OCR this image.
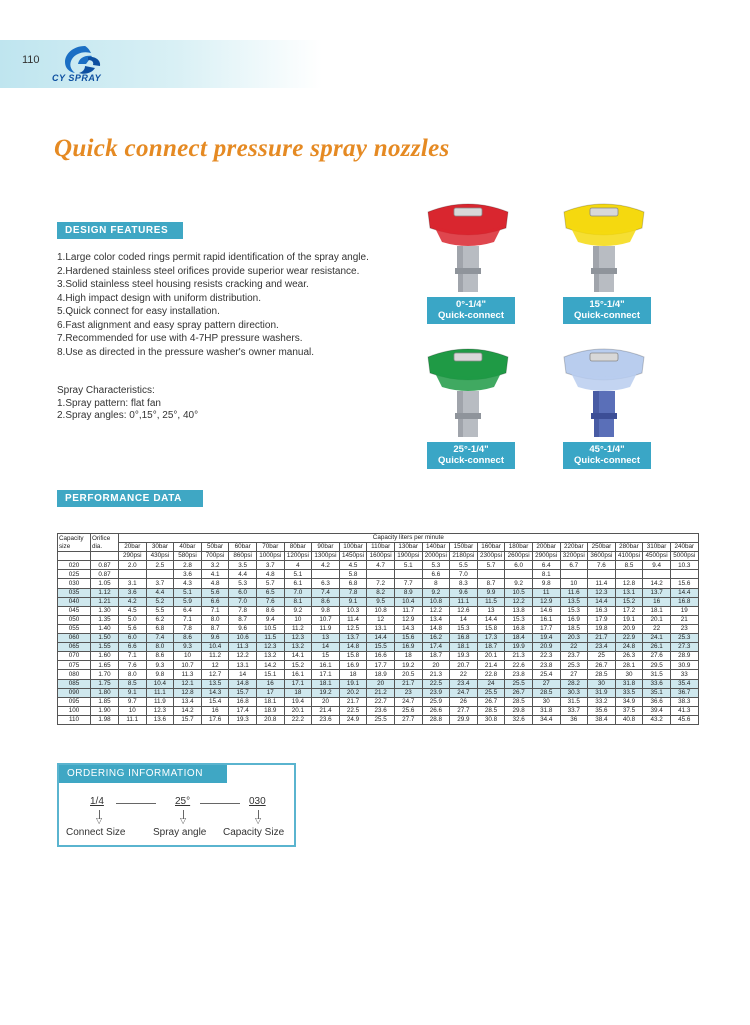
110
CY SPRAY
Quick connect pressure spray nozzles
DESIGN FEATURES
1.Large color coded rings permit rapid identification of the spray angle.
2.Hardened stainless steel orifices provide superior wear resistance.
3.Solid stainless steel housing resists cracking and wear.
4.High impact design with uniform distribution.
5.Quick connect for easy installation.
6.Fast alignment and easy spray pattern direction.
7.Recommended for use with 4-7HP pressure washers.
8.Use as directed in the pressure washer's owner manual.
Spray Characteristics:
1.Spray pattern: flat fan
2.Spray angles: 0°,15°, 25°, 40°
0°-1/4"
Quick-connect
15°-1/4"
Quick-connect
25°-1/4"
Quick-connect
45°-1/4"
Quick-connect
PERFORMANCE DATA
Capacity size	Orifice dia.	Capacity liters per minute																				
		20bar	30bar	40bar	50bar	60bar	70bar	80bar	90bar	100bar	110bar	130bar	140bar	150bar	160bar	180bar	200bar	220bar	250bar	280bar	310bar	240bar
		290psi	430psi	580psi	700psi	860psi	1000psi	1200psi	1300psi	1450psi	1600psi	1900psi	2000psi	2180psi	2300psi	2600psi	2900psi	3200psi	3600psi	4100psi	4500psi	5000psi
020	0.87	2.0	2.5	2.8	3.2	3.5	3.7	4	4.2	4.5	4.7	5.1	5.3	5.5	5.7	6.0	6.4	6.7	7.6	8.5	9.4	10.3
025	0.87			3.6	4.1	4.4	4.8	5.1		5.8			6.6	7.0			8.1					
030	1.05	3.1	3.7	4.3	4.8	5.3	5.7	6.1	6.3	6.8	7.2	7.7	8	8.3	8.7	9.2	9.8	10	11.4	12.8	14.2	15.6
035	1.12	3.6	4.4	5.1	5.6	6.0	6.5	7.0	7.4	7.8	8.2	8.9	9.2	9.6	9.9	10.5	11	11.6	12.3	13.1	13.7	14.4
040	1.21	4.2	5.2	5.9	6.6	7.0	7.6	8.1	8.6	9.1	9.5	10.4	10.8	11.1	11.5	12.2	12.9	13.5	14.4	15.2	16	16.8
045	1.30	4.5	5.5	6.4	7.1	7.8	8.6	9.2	9.8	10.3	10.8	11.7	12.2	12.6	13	13.8	14.6	15.3	16.3	17.2	18.1	19
050	1.35	5.0	6.2	7.1	8.0	8.7	9.4	10	10.7	11.4	12	12.9	13.4	14	14.4	15.3	16.1	16.9	17.9	19.1	20.1	21
055	1.40	5.6	6.8	7.8	8.7	9.6	10.5	11.2	11.9	12.5	13.1	14.3	14.8	15.3	15.8	16.8	17.7	18.5	19.8	20.9	22	23
060	1.50	6.0	7.4	8.6	9.6	10.6	11.5	12.3	13	13.7	14.4	15.6	16.2	16.8	17.3	18.4	19.4	20.3	21.7	22.9	24.1	25.3
065	1.55	6.6	8.0	9.3	10.4	11.3	12.3	13.2	14	14.8	15.5	16.9	17.4	18.1	18.7	19.9	20.9	22	23.4	24.8	26.1	27.3
070	1.60	7.1	8.6	10	11.2	12.2	13.2	14.1	15	15.8	16.6	18	18.7	19.3	20.1	21.3	22.3	23.7	25	26.3	27.6	28.9
075	1.65	7.6	9.3	10.7	12	13.1	14.2	15.2	16.1	16.9	17.7	19.2	20	20.7	21.4	22.6	23.8	25.3	26.7	28.1	29.5	30.9
080	1.70	8.0	9.8	11.3	12.7	14	15.1	16.1	17.1	18	18.9	20.5	21.3	22	22.8	23.8	25.4	27	28.5	30	31.5	33
085	1.75	8.5	10.4	12.1	13.5	14.8	16	17.1	18.1	19.1	20	21.7	22.5	23.4	24	25.5	27	28.2	30	31.8	33.6	35.4
090	1.80	9.1	11.1	12.8	14.3	15.7	17	18	19.2	20.2	21.2	23	23.9	24.7	25.5	26.7	28.5	30.3	31.9	33.5	35.1	36.7
095	1.85	9.7	11.9	13.4	15.4	16.8	18.1	19.4	20	21.7	22.7	24.7	25.9	26	26.7	28.5	30	31.5	33.2	34.9	36.6	38.3
100	1.90	10	12.3	14.2	16	17.4	18.9	20.1	21.4	22.5	23.6	25.6	26.6	27.7	28.5	29.8	31.8	33.7	35.6	37.5	39.4	41.3
110	1.98	11.1	13.6	15.7	17.6	19.3	20.8	22.2	23.6	24.9	25.5	27.7	28.8	29.9	30.8	32.6	34.4	36	38.4	40.8	43.2	45.6
ORDERING INFORMATION
1/4	25°	030
▽	▽	▽
Connect Size	Spray angle Capacity Size
